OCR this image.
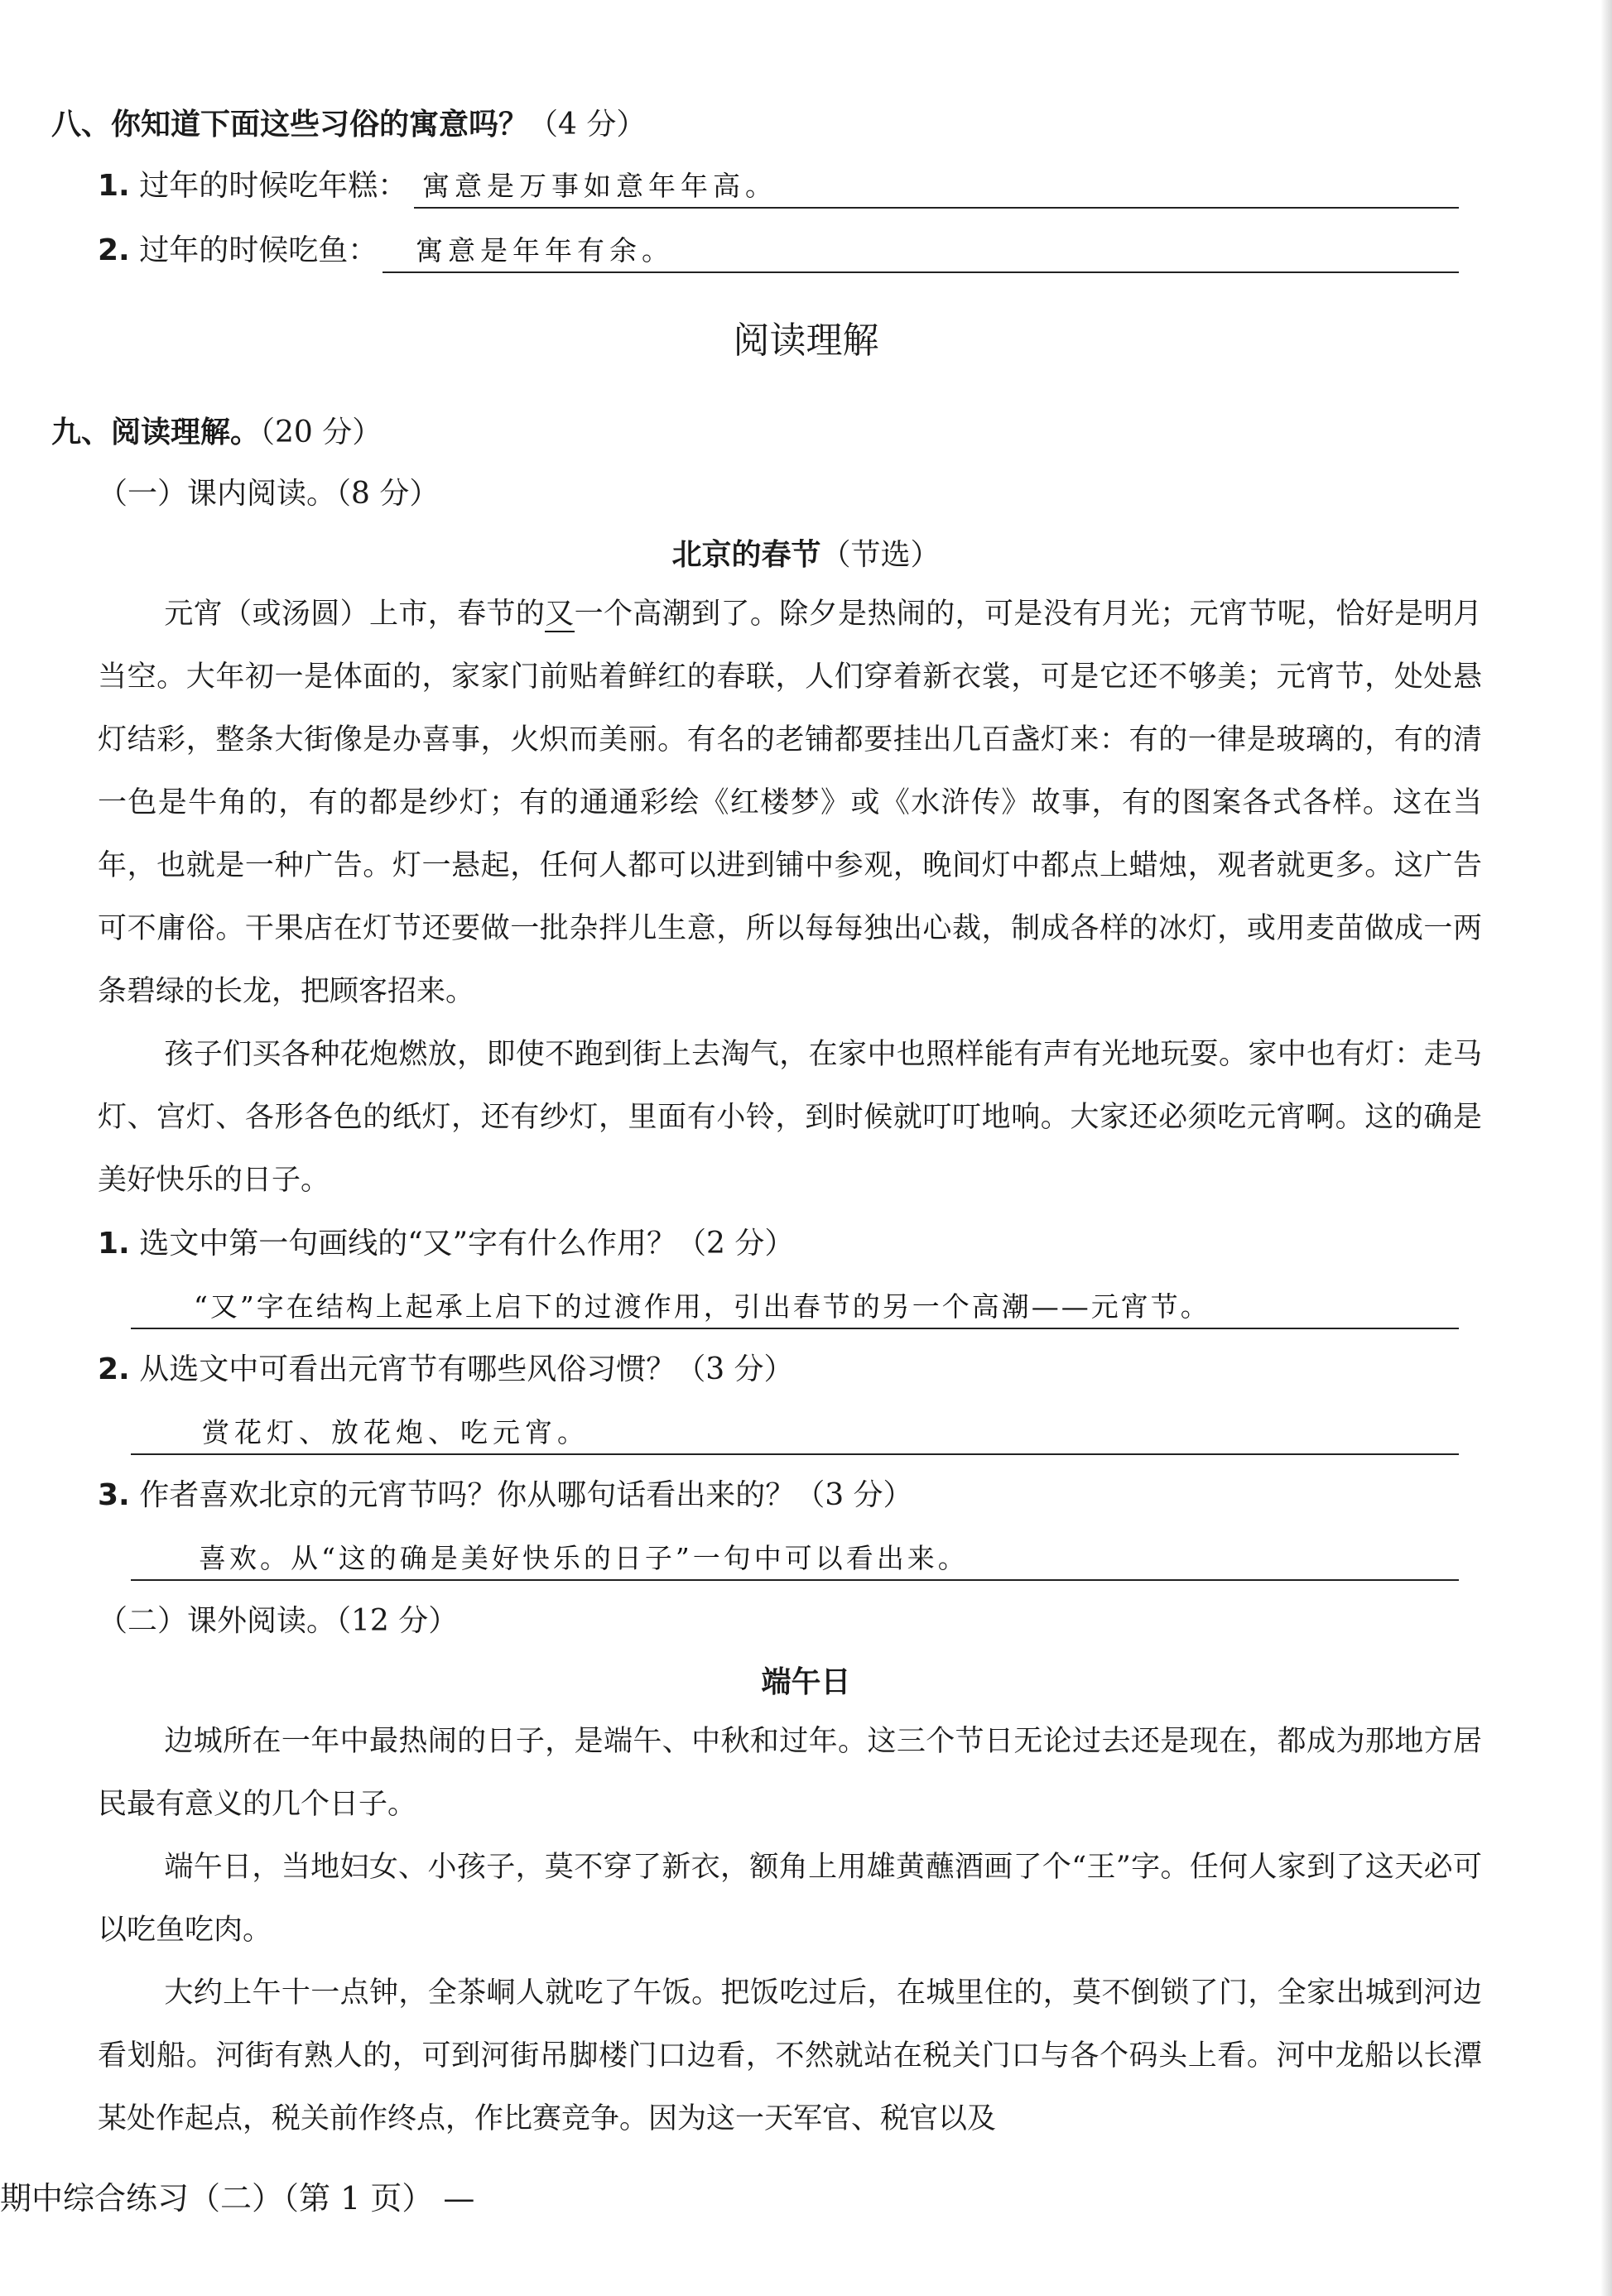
八、你知道下面这些习俗的寓意吗？（4 分）
1. 过年的时候吃年糕： 寓意是万事如意年年高。
2. 过年的时候吃鱼： 寓意是年年有余。
阅读理解
九、阅读理解。（20 分）
（一）课内阅读。（8 分）
北京的春节（节选）
元宵（或汤圆）上市，春节的又一个高潮到了。除夕是热闹的，可是没有月光；元宵节呢，恰好是明月当空。大年初一是体面的，家家门前贴着鲜红的春联，人们穿着新衣裳，可是它还不够美；元宵节，处处悬灯结彩，整条大街像是办喜事，火炽而美丽。有名的老铺都要挂出几百盏灯来：有的一律是玻璃的，有的清一色是牛角的，有的都是纱灯；有的通通彩绘《红楼梦》或《水浒传》故事，有的图案各式各样。这在当年，也就是一种广告。灯一悬起，任何人都可以进到铺中参观，晚间灯中都点上蜡烛，观者就更多。这广告可不庸俗。干果店在灯节还要做一批杂拌儿生意，所以每每独出心裁，制成各样的冰灯，或用麦苗做成一两条碧绿的长龙，把顾客招来。
孩子们买各种花炮燃放，即使不跑到街上去淘气，在家中也照样能有声有光地玩耍。家中也有灯：走马灯、宫灯、各形各色的纸灯，还有纱灯，里面有小铃，到时候就叮叮地响。大家还必须吃元宵啊。这的确是美好快乐的日子。
1. 选文中第一句画线的“又”字有什么作用？（2 分）
“又”字在结构上起承上启下的过渡作用，引出春节的另一个高潮——元宵节。
2. 从选文中可看出元宵节有哪些风俗习惯？（3 分）
赏花灯、放花炮、吃元宵。
3. 作者喜欢北京的元宵节吗？你从哪句话看出来的？（3 分）
喜欢。从“这的确是美好快乐的日子”一句中可以看出来。
（二）课外阅读。（12 分）
端午日
边城所在一年中最热闹的日子，是端午、中秋和过年。这三个节日无论过去还是现在，都成为那地方居民最有意义的几个日子。
端午日，当地妇女、小孩子，莫不穿了新衣，额角上用雄黄蘸酒画了个“王”字。任何人家到了这天必可以吃鱼吃肉。
大约上午十一点钟，全茶峒人就吃了午饭。把饭吃过后，在城里住的，莫不倒锁了门，全家出城到河边看划船。河街有熟人的，可到河街吊脚楼门口边看，不然就站在税关门口与各个码头上看。河中龙船以长潭某处作起点，税关前作终点，作比赛竞争。因为这一天军官、税官以及
期中综合练习（二）（第 1 页） —
